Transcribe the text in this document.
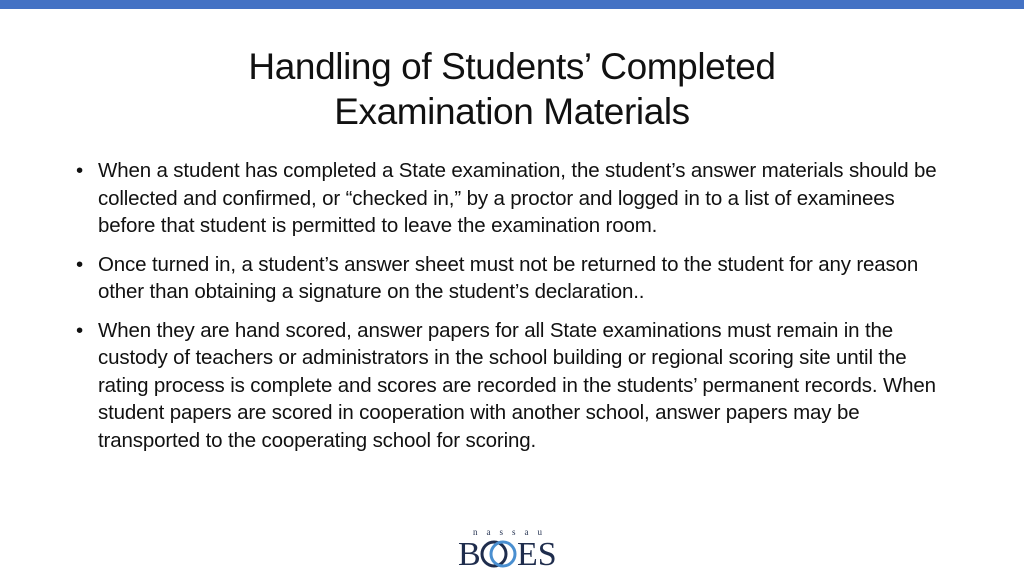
Handling of Students’ Completed
Examination Materials
• When a student has completed a State examination, the student’s answer materials should be collected and confirmed, or “checked in,” by a proctor and logged in to a list of examinees before that student is permitted to leave the examination room.
• Once turned in, a student’s answer sheet must not be returned to the student for any reason other than obtaining a signature on the student’s declaration..
• When they are hand scored, answer papers for all State examinations must remain in the custody of teachers or administrators in the school building or regional scoring site until the rating process is complete and scores are recorded in the students’ permanent records. When student papers are scored in cooperation with another school, answer papers may be transported to the cooperating school for scoring.
nassau
B ES
